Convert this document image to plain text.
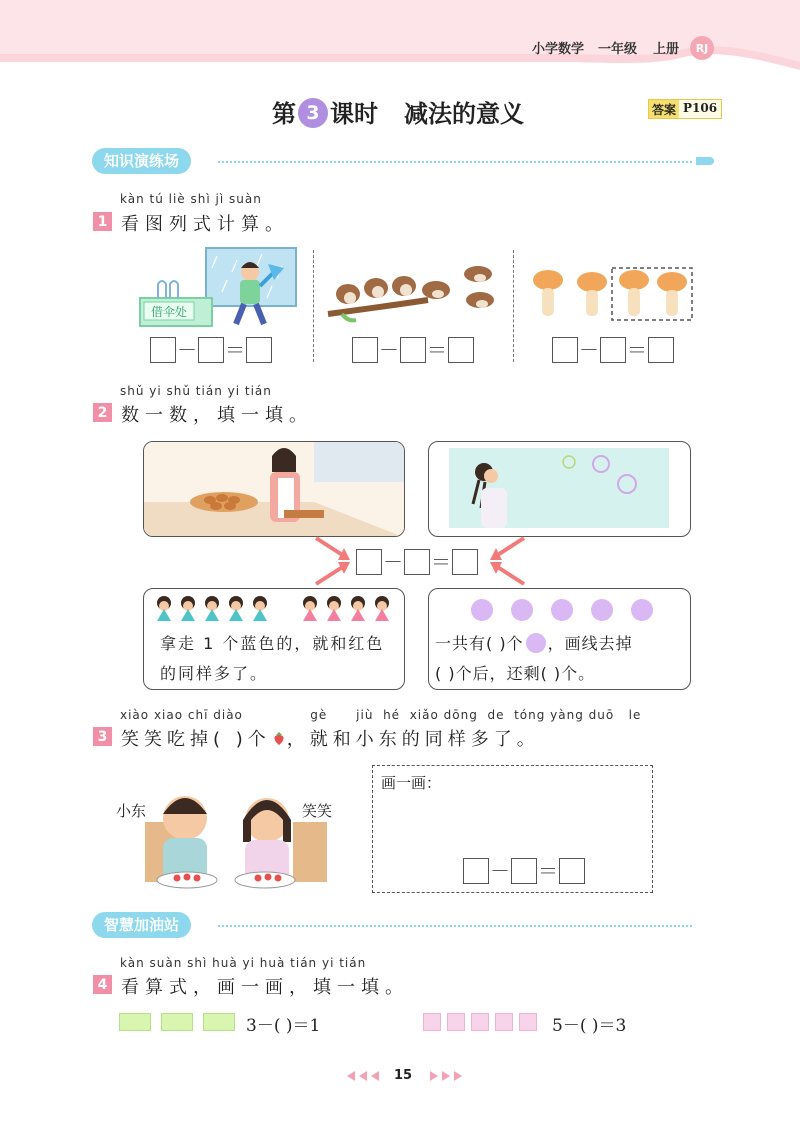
小学数学 一年级 上册	RJ
第 3 课时 减法的意义	答案 P106
知识演练场
kàn tú liè shì jì suàn
1 看图列式计算。
借伞处
－ ＝	－ ＝	－ ＝
shǔ yi shǔ tián yi tián
2 数一数，填一填。
－ ＝
拿走 1 个蓝色的，就和红色
的同样多了。
一共有( )个 ，画线去掉
( )个后，还剩( )个。
xiào xiao chī diào              gè      jiù  hé  xiǎo dōng  de  tóng yàng duō   le
3 笑笑吃掉( )个 ，就和小东的同样多了。
小东	笑笑
画一画：
－ ＝
智慧加油站
kàn suàn shì huà yi huà tián yi tián
4 看算式，画一画，填一填。
3－( )＝1	5－( )＝3
15
